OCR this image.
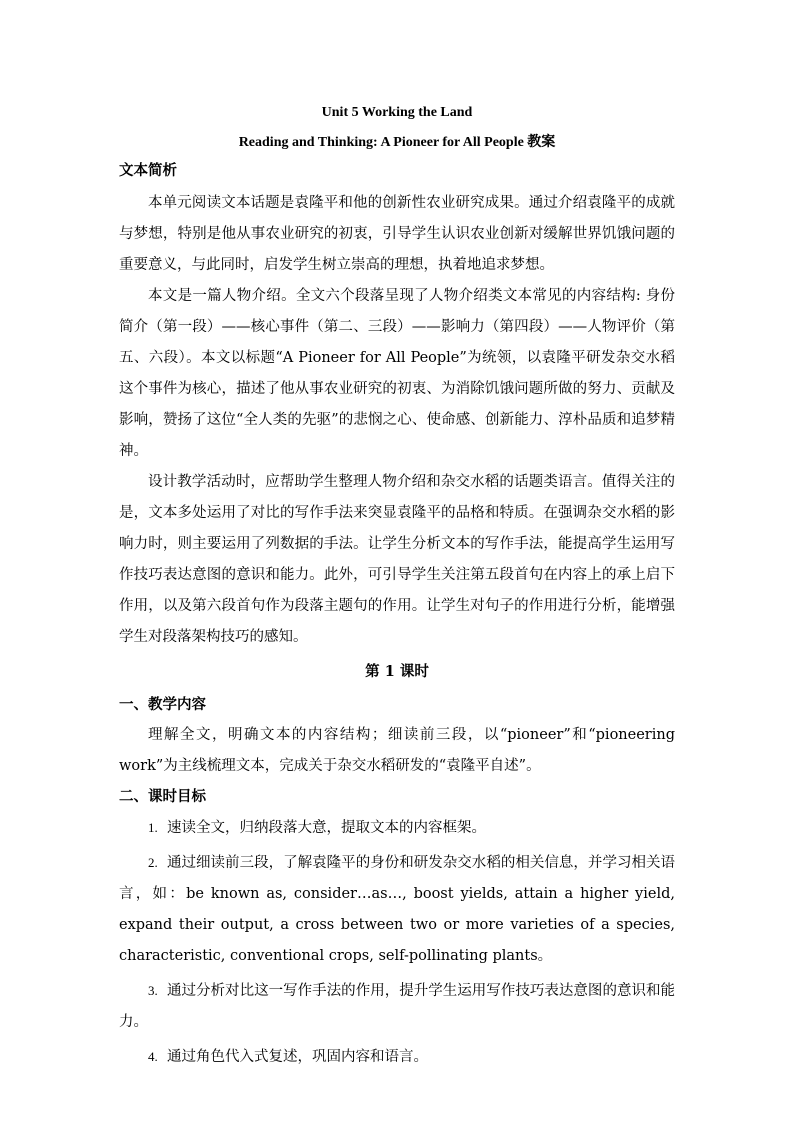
Unit 5 Working the Land

Reading and Thinking: A Pioneer for All People 教案

文本简析

本单元阅读文本话题是袁隆平和他的创新性农业研究成果。通过介绍袁隆平的成就与梦想，特别是他从事农业研究的初衷，引导学生认识农业创新对缓解世界饥饿问题的重要意义，与此同时，启发学生树立崇高的理想，执着地追求梦想。

本文是一篇人物介绍。全文六个段落呈现了人物介绍类文本常见的内容结构: 身份简介（第一段）——核心事件（第二、三段）——影响力（第四段）——人物评价（第五、六段）。本文以标题“A Pioneer for All People”为统领，以袁隆平研发杂交水稻这个事件为核心，描述了他从事农业研究的初衷、为消除饥饿问题所做的努力、贡献及影响，赞扬了这位“全人类的先驱”的悲悯之心、使命感、创新能力、淳朴品质和追梦精神。

设计教学活动时，应帮助学生整理人物介绍和杂交水稻的话题类语言。值得关注的是，文本多处运用了对比的写作手法来突显袁隆平的品格和特质。在强调杂交水稻的影响力时，则主要运用了列数据的手法。让学生分析文本的写作手法，能提高学生运用写作技巧表达意图的意识和能力。此外，可引导学生关注第五段首句在内容上的承上启下作用，以及第六段首句作为段落主题句的作用。让学生对句子的作用进行分析，能增强学生对段落架构技巧的感知。

第 1 课时

一、教学内容

理解全文，明确文本的内容结构；细读前三段，以“pioneer”和“pioneering work”为主线梳理文本，完成关于杂交水稻研发的“袁隆平自述”。

二、课时目标

1. 速读全文，归纳段落大意，提取文本的内容框架。

2. 通过细读前三段，了解袁隆平的身份和研发杂交水稻的相关信息，并学习相关语言，如：be known as, consider…as…, boost yields, attain a higher yield, expand their output, a cross between two or more varieties of a species, characteristic, conventional crops, self-pollinating plants。

3. 通过分析对比这一写作手法的作用，提升学生运用写作技巧表达意图的意识和能力。

4. 通过角色代入式复述，巩固内容和语言。
